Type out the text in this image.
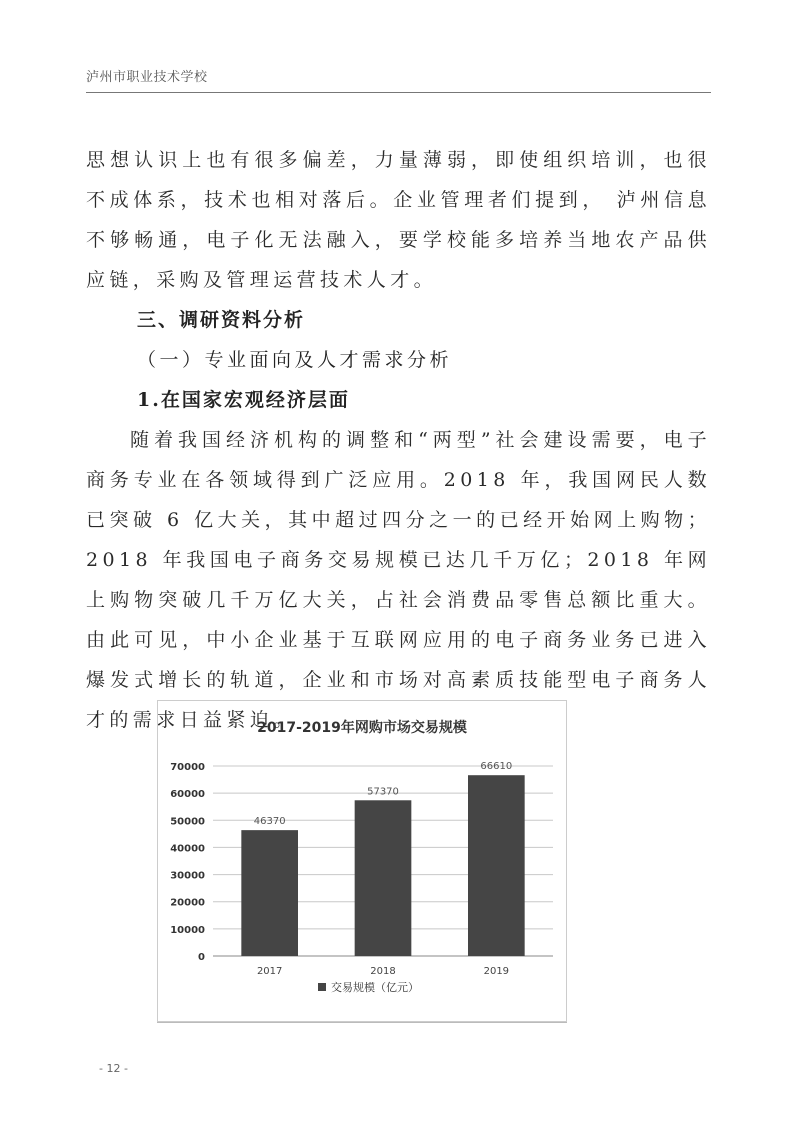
泸州市职业技术学校

思想认识上也有很多偏差，力量薄弱，即使组织培训，也很不成体系，技术也相对落后。企业管理者们提到， 泸州信息不够畅通，电子化无法融入，要学校能多培养当地农产品供应链，采购及管理运营技术人才。

三、调研资料分析
（一）专业面向及人才需求分析
1.在国家宏观经济层面

随着我国经济机构的调整和“两型”社会建设需要，电子商务专业在各领域得到广泛应用。2018 年，我国网民人数已突破 6 亿大关，其中超过四分之一的已经开始网上购物；2018 年我国电子商务交易规模已达几千万亿；2018 年网上购物突破几千万亿大关，占社会消费品零售总额比重大。由此可见，中小企业基于互联网应用的电子商务业务已进入爆发式增长的轨道，企业和市场对高素质技能型电子商务人才的需求日益紧迫。

2017-2019年网购市场交易规模
0
10000
20000
30000
40000
50000
60000
70000
46370
2017
57370
2018
66610
2019
交易规模（亿元）
- 12 -
